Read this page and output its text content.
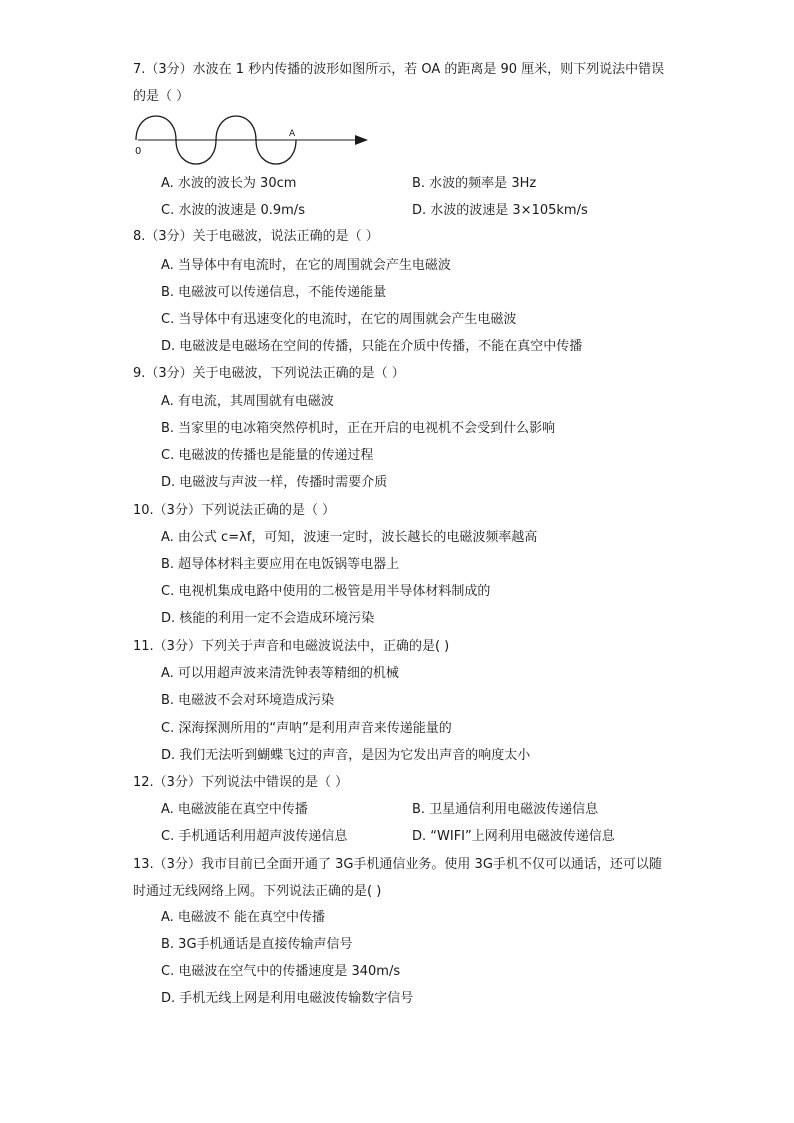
7.（3分）水波在 1 秒内传播的波形如图所示，若 OA 的距离是 90 厘米，则下列说法中错误的是（ ）
0
A
A. 水波的波长为 30cm	B. 水波的频率是 3Hz
C. 水波的波速是 0.9m/s	D. 水波的波速是 3×105km/s
8.（3分）关于电磁波，说法正确的是（ ）
A. 当导体中有电流时，在它的周围就会产生电磁波
B. 电磁波可以传递信息，不能传递能量
C. 当导体中有迅速变化的电流时，在它的周围就会产生电磁波
D. 电磁波是电磁场在空间的传播，只能在介质中传播，不能在真空中传播
9.（3分）关于电磁波，下列说法正确的是（ ）
A. 有电流，其周围就有电磁波
B. 当家里的电冰箱突然停机时，正在开启的电视机不会受到什么影响
C. 电磁波的传播也是能量的传递过程
D. 电磁波与声波一样，传播时需要介质
10.（3分）下列说法正确的是（ ）
A. 由公式 c=λf，可知，波速一定时，波长越长的电磁波频率越高
B. 超导体材料主要应用在电饭锅等电器上
C. 电视机集成电路中使用的二极管是用半导体材料制成的
D. 核能的利用一定不会造成环境污染
11.（3分）下列关于声音和电磁波说法中，正确的是( )
A. 可以用超声波来清洗钟表等精细的机械
B. 电磁波不会对环境造成污染
C. 深海探测所用的“声呐”是利用声音来传递能量的
D. 我们无法听到蝴蝶飞过的声音，是因为它发出声音的响度太小
12.（3分）下列说法中错误的是（ ）
A. 电磁波能在真空中传播	B. 卫星通信利用电磁波传递信息
C. 手机通话利用超声波传递信息	D. “WIFI”上网利用电磁波传递信息
13.（3分）我市目前已全面开通了 3G手机通信业务。使用 3G手机不仅可以通话，还可以随时通过无线网络上网。下列说法正确的是( )
A. 电磁波不 能在真空中传播
B. 3G手机通话是直接传输声信号
C. 电磁波在空气中的传播速度是 340m/s
D. 手机无线上网是利用电磁波传输数字信号
